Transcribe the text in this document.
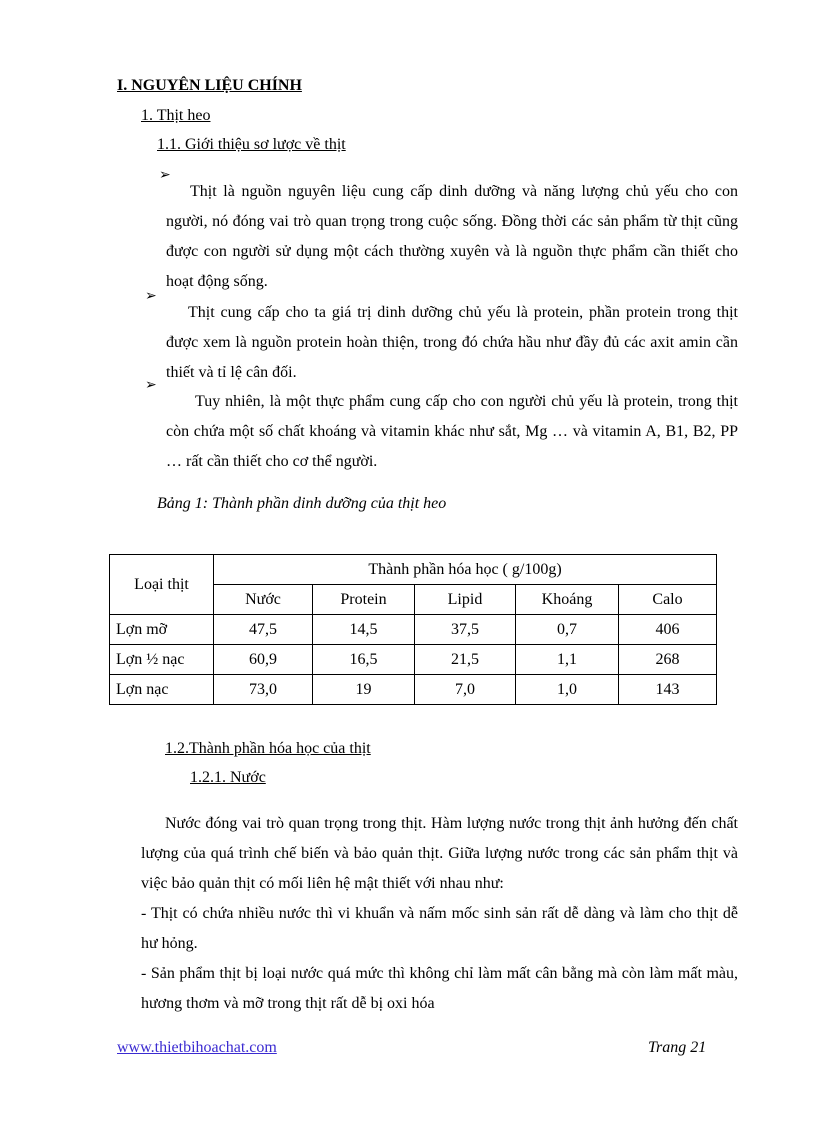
I. NGUYÊN LIỆU CHÍNH
1. Thịt heo
1.1. Giới thiệu sơ lược về thịt
➢

Thịt là nguồn nguyên liệu cung cấp dinh dưỡng và năng lượng chủ yếu cho con người, nó đóng vai trò quan trọng trong cuộc sống. Đồng thời các sản phẩm từ thịt cũng được con người sử dụng một cách thường xuyên và là nguồn thực phẩm cần thiết cho hoạt động sống.

➢

Thịt cung cấp cho ta giá trị dinh dưỡng chủ yếu là protein, phần protein trong thịt được xem là nguồn protein hoàn thiện, trong đó chứa hầu như đầy đủ các axit amin cần thiết và tỉ lệ cân đối.

➢

Tuy nhiên, là một thực phẩm cung cấp cho con người chủ yếu là protein, trong thịt còn chứa một số chất khoáng và vitamin khác như sắt, Mg … và vitamin A, B1, B2, PP … rất cần thiết cho cơ thể người.

Bảng 1: Thành phần dinh dưỡng của thịt heo
Loại thịt	Thành phần hóa học ( g/100g)				
	Nước	Protein	Lipid	Khoáng	Calo
Lợn mỡ	47,5	14,5	37,5	0,7	406
Lợn ½ nạc	60,9	16,5	21,5	1,1	268
Lợn nạc	73,0	19	7,0	1,0	143
1.2.Thành phần hóa học của thịt
1.2.1. Nước

Nước đóng vai trò quan trọng trong thịt. Hàm lượng nước trong thịt ảnh hưởng đến chất lượng của quá trình chế biến và bảo quản thịt. Giữa lượng nước trong các sản phẩm thịt và việc bảo quản thịt có mối liên hệ mật thiết với nhau như:

- Thịt có chứa nhiều nước thì vi khuẩn và nấm mốc sinh sản rất dễ dàng và làm cho thịt dễ hư hỏng.

- Sản phẩm thịt bị loại nước quá mức thì không chỉ làm mất cân bằng mà còn làm mất màu, hương thơm và mỡ trong thịt rất dễ bị oxi hóa

www.thietbihoachat.com	Trang 21
